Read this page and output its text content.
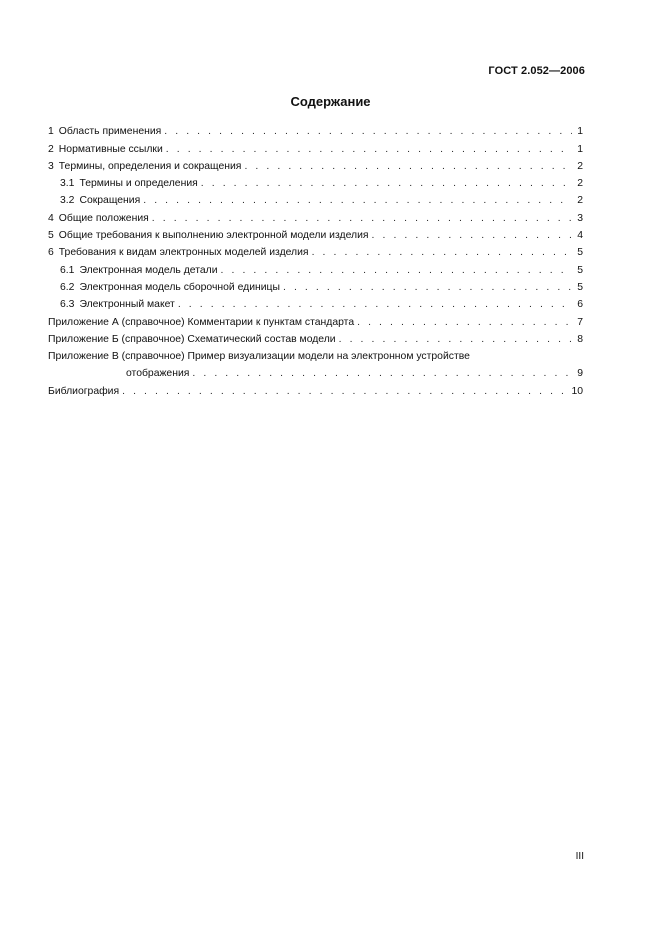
ГОСТ 2.052—2006
Содержание
1 Область применения . . .	1
2 Нормативные ссылки . . .	1
3 Термины, определения и сокращения . . .	2
3.1 Термины и определения . . .	2
3.2 Сокращения . . .	2
4 Общие положения . . .	3
5 Общие требования к выполнению электронной модели изделия . . .	4
6 Требования к видам электронных моделей изделия . . .	5
6.1 Электронная модель детали . . .	5
6.2 Электронная модель сборочной единицы . . .	5
6.3 Электронный макет . . .	6
Приложение А (справочное) Комментарии к пунктам стандарта . . .	7
Приложение Б (справочное) Схематический состав модели . . .	8
Приложение В (справочное) Пример визуализации модели на электронном устройстве
отображения . . .	9
Библиография . . .	10
III
